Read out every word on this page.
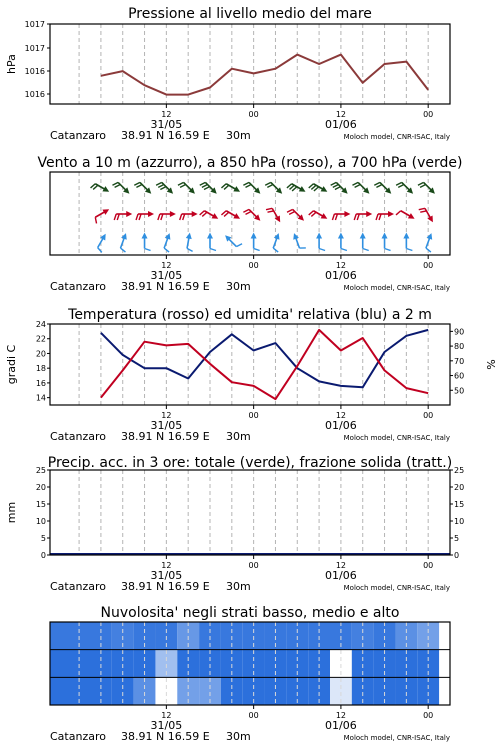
Pressione al livello medio del mare
12	00	12	00
31/05	01/06
Catanzaro 38.91 N 16.59 E 30m	Moloch model, CNR-ISAC, Italy
1017
1017
1016
1016
hPa
Vento a 10 m (azzurro), a 850 hPa (rosso), a 700 hPa (verde)
12	00	12	00
31/05	01/06
Catanzaro 38.91 N 16.59 E 30m	Moloch model, CNR-ISAC, Italy
Temperatura (rosso) ed umidita' relativa (blu) a 2 m
12	00	12	00
31/05	01/06
Catanzaro 38.91 N 16.59 E 30m	Moloch model, CNR-ISAC, Italy
14
16
18
20
22
24
50
60
70
80
90
gradi C	%
Precip. acc. in 3 ore: totale (verde), frazione solida (tratt.)
12	00	12	00
31/05	01/06
Catanzaro 38.91 N 16.59 E 30m	Moloch model, CNR-ISAC, Italy
0	0
5	5
10	10
15	15
20	20
25	25
mm
Nuvolosita' negli strati basso, medio e alto
12	00	12	00
31/05	01/06
Catanzaro 38.91 N 16.59 E 30m	Moloch model, CNR-ISAC, Italy
